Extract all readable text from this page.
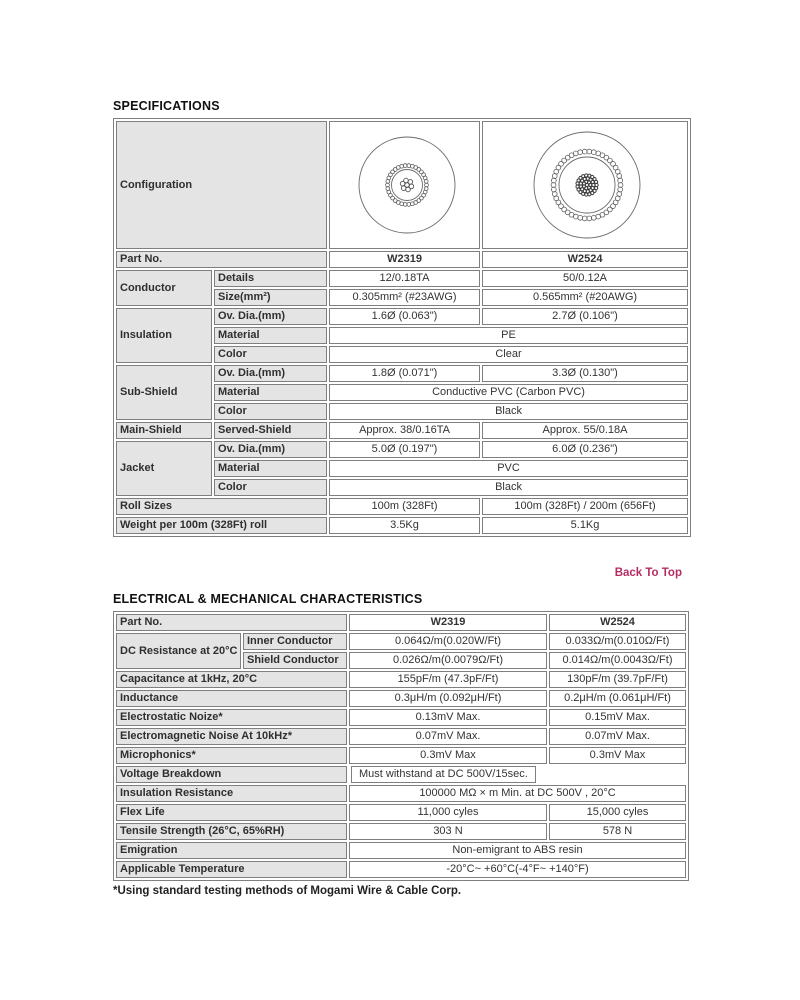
SPECIFICATIONS
Configuration	

Part No.		W2319	W2524
Conductor	Details	12/0.18TA	50/0.12A
	Size(mm²)	0.305mm² (#23AWG)	0.565mm² (#20AWG)
Insulation	Ov. Dia.(mm)	1.6Ø (0.063")	2.7Ø (0.106")
	Material	PE	
	Color	Clear	
Sub-Shield	Ov. Dia.(mm)	1.8Ø (0.071")	3.3Ø (0.130")
	Material	Conductive PVC (Carbon PVC)	
	Color	Black	
Main-Shield	Served-Shield	Approx. 38/0.16TA	Approx. 55/0.18A
Jacket	Ov. Dia.(mm)	5.0Ø (0.197")	6.0Ø (0.236")
	Material	PVC	
	Color	Black	
Roll Sizes		100m (328Ft)	100m (328Ft) / 200m (656Ft)
Weight per 100m (328Ft) roll		3.5Kg	5.1Kg
Back To Top
ELECTRICAL & MECHANICAL CHARACTERISTICS
Part No.		W2319	W2524
DC Resistance at 20°C	Inner Conductor	0.064Ω/m(0.020W/Ft)	0.033Ω/m(0.010Ω/Ft)
	Shield Conductor	0.026Ω/m(0.0079Ω/Ft)	0.014Ω/m(0.0043Ω/Ft)
Capacitance at 1kHz, 20°C		155pF/m (47.3pF/Ft)	130pF/m (39.7pF/Ft)
Inductance		0.3μH/m (0.092μH/Ft)	0.2μH/m (0.061μH/Ft)
Electrostatic Noize*		0.13mV Max.	0.15mV Max.
Electromagnetic Noise At 10kHz*		0.07mV Max.	0.07mV Max.
Microphonics*		0.3mV Max	0.3mV Max
Voltage Breakdown		Must withstand at DC 500V/15sec.	
Insulation Resistance		100000 MΩ × m Min. at DC 500V , 20°C	
Flex Life		11,000 cyles	15,000 cyles
Tensile Strength (26°C, 65%RH)		303 N	578 N
Emigration		Non-emigrant to ABS resin	
Applicable Temperature		-20°C~ +60°C(-4°F~ +140°F)	
*Using standard testing methods of Mogami Wire & Cable Corp.
